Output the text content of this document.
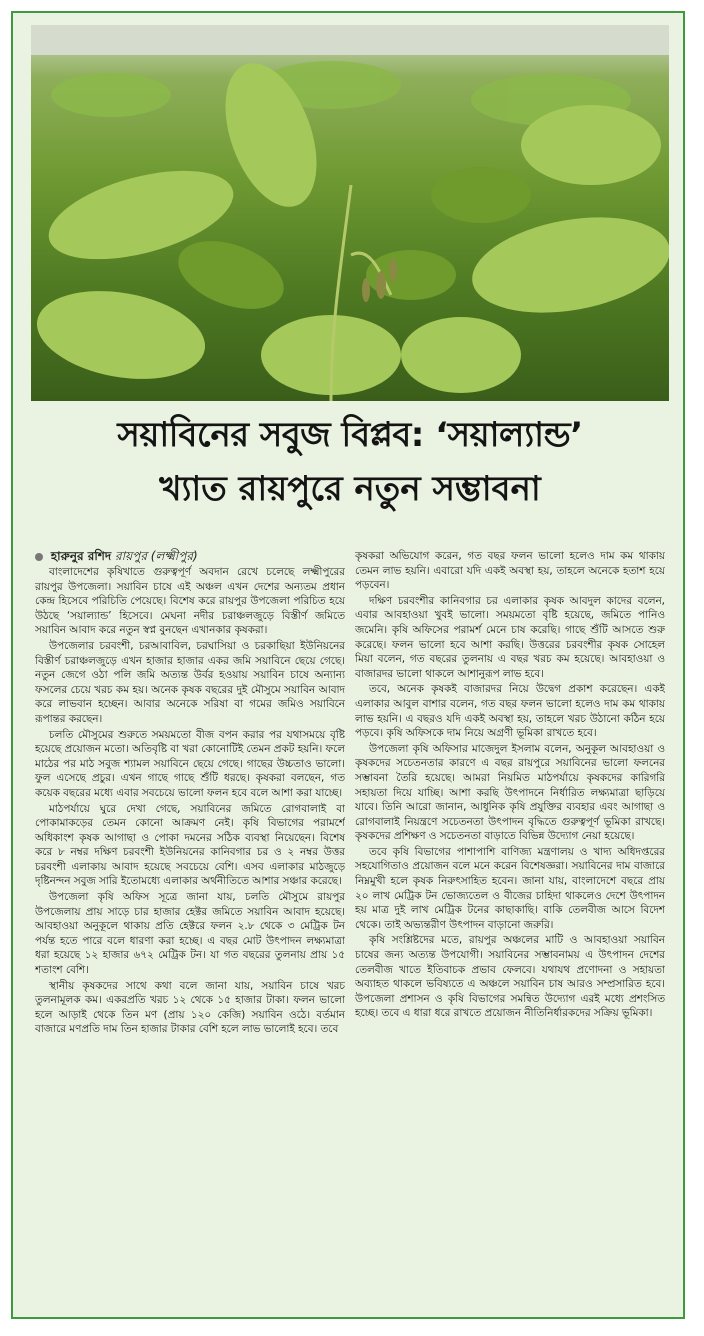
সয়াবিনের সবুজ বিপ্লব: ‘সয়াল্যান্ড’
খ্যাত রায়পুরে নতুন সম্ভাবনা
হারুনুর রশিদ রায়পুর (লক্ষ্মীপুর)

বাংলাদেশের কৃষিখাতে গুরুত্বপূর্ণ অবদান রেখে চলেছে লক্ষ্মীপুরের রায়পুর উপজেলা। সয়াবিন চাষে এই অঞ্চল এখন দেশের অন্যতম প্রধান কেন্দ্র হিসেবে পরিচিতি পেয়েছে। বিশেষ করে রায়পুর উপজেলা পরিচিত হয়ে উঠছে ‘সয়াল্যান্ড’ হিসেবে। মেঘনা নদীর চরাঞ্চলজুড়ে বিস্তীর্ণ জমিতে সয়াবিন আবাদ করে নতুন স্বপ্ন বুনছেন এখানকার কৃষকরা।

উপজেলার চরবংশী, চরআবাবিল, চরঘাসিয়া ও চরকাছিয়া ইউনিয়নের বিস্তীর্ণ চরাঞ্চলজুড়ে এখন হাজার হাজার একর জমি সয়াবিনে ছেয়ে গেছে। নতুন জেগে ওঠা পলি জমি অত্যন্ত উর্বর হওয়ায় সয়াবিন চাষে অন্যান্য ফসলের চেয়ে খরচ কম হয়। অনেক কৃষক বছরের দুই মৌসুমে সয়াবিন আবাদ করে লাভবান হচ্ছেন। আবার অনেকে সরিষা বা গমের জমিও সয়াবিনে রূপান্তর করছেন।

চলতি মৌসুমের শুরুতে সময়মতো বীজ বপন করার পর যথাসময়ে বৃষ্টি হয়েছে প্রয়োজন মতো। অতিবৃষ্টি বা খরা কোনোটিই তেমন প্রকট হয়নি। ফলে মাঠের পর মাঠ সবুজ শ্যামল সয়াবিনে ছেয়ে গেছে। গাছের উচ্চতাও ভালো। ফুল এসেছে প্রচুর। এখন গাছে গাছে শুঁটি ধরছে। কৃষকরা বলছেন, গত কয়েক বছরের মধ্যে এবার সবচেয়ে ভালো ফলন হবে বলে আশা করা যাচ্ছে।

মাঠপর্যায়ে ঘুরে দেখা গেছে, সয়াবিনের জমিতে রোগবালাই বা পোকামাকড়ের তেমন কোনো আক্রমণ নেই। কৃষি বিভাগের পরামর্শে অধিকাংশ কৃষক আগাছা ও পোকা দমনের সঠিক ব্যবস্থা নিয়েছেন। বিশেষ করে ৮ নম্বর দক্ষিণ চরবংশী ইউনিয়নের কানিবগার চর ও ২ নম্বর উত্তর চরবংশী এলাকায় আবাদ হয়েছে সবচেয়ে বেশি। এসব এলাকার মাঠজুড়ে দৃষ্টিনন্দন সবুজ সারি ইতোমধ্যে এলাকার অর্থনীতিতে আশার সঞ্চার করেছে।

উপজেলা কৃষি অফিস সূত্রে জানা যায়, চলতি মৌসুমে রায়পুর উপজেলায় প্রায় সাড়ে চার হাজার হেক্টর জমিতে সয়াবিন আবাদ হয়েছে। আবহাওয়া অনুকূলে থাকায় প্রতি হেক্টরে ফলন ২.৮ থেকে ৩ মেট্রিক টন পর্যন্ত হতে পারে বলে ধারণা করা হচ্ছে। এ বছর মোট উৎপাদন লক্ষ্যমাত্রা ধরা হয়েছে ১২ হাজার ৬৭২ মেট্রিক টন। যা গত বছরের তুলনায় প্রায় ১৫ শতাংশ বেশি।

স্থানীয় কৃষকদের সাথে কথা বলে জানা যায়, সয়াবিন চাষে খরচ তুলনামূলক কম। একরপ্রতি খরচ ১২ থেকে ১৫ হাজার টাকা। ফলন ভালো হলে আড়াই থেকে তিন মণ (প্রায় ১২০ কেজি) সয়াবিন ওঠে। বর্তমান বাজারে মণপ্রতি দাম তিন হাজার টাকার বেশি হলে লাভ ভালোই হবে। তবে

কৃষকরা অভিযোগ করেন, গত বছর ফলন ভালো হলেও দাম কম থাকায় তেমন লাভ হয়নি। এবারো যদি একই অবস্থা হয়, তাহলে অনেকে হতাশ হয়ে পড়বেন।

দক্ষিণ চরবংশীর কানিবগার চর এলাকার কৃষক আবদুল কাদের বলেন, এবার আবহাওয়া খুবই ভালো। সময়মতো বৃষ্টি হয়েছে, জমিতে পানিও জমেনি। কৃষি অফিসের পরামর্শ মেনে চাষ করেছি। গাছে শুঁটি আসতে শুরু করেছে। ফলন ভালো হবে আশা করছি। উত্তরের চরবংশীর কৃষক সোহেল মিয়া বলেন, গত বছরের তুলনায় এ বছর খরচ কম হয়েছে। আবহাওয়া ও বাজারদর ভালো থাকলে আশানুরূপ লাভ হবে।

তবে, অনেক কৃষকই বাজারদর নিয়ে উদ্বেগ প্রকাশ করেছেন। একই এলাকার আবুল বাশার বলেন, গত বছর ফলন ভালো হলেও দাম কম থাকায় লাভ হয়নি। এ বছরও যদি একই অবস্থা হয়, তাহলে খরচ উঠানো কঠিন হয়ে পড়বে। কৃষি অফিসকে দাম নিয়ে অগ্রণী ভূমিকা রাখতে হবে।

উপজেলা কৃষি অফিসার মাজেদুল ইসলাম বলেন, অনুকূল আবহাওয়া ও কৃষকদের সচেতনতার কারণে এ বছর রায়পুরে সয়াবিনের ভালো ফলনের সম্ভাবনা তৈরি হয়েছে। আমরা নিয়মিত মাঠপর্যায়ে কৃষকদের কারিগরি সহায়তা দিয়ে যাচ্ছি। আশা করছি উৎপাদনে নির্ধারিত লক্ষ্যমাত্রা ছাড়িয়ে যাবে। তিনি আরো জানান, আধুনিক কৃষি প্রযুক্তির ব্যবহার এবং আগাছা ও রোগবালাই নিয়ন্ত্রণে সচেতনতা উৎপাদন বৃদ্ধিতে গুরুত্বপূর্ণ ভূমিকা রাখছে। কৃষকদের প্রশিক্ষণ ও সচেতনতা বাড়াতে বিভিন্ন উদ্যোগ নেয়া হয়েছে।

তবে কৃষি বিভাগের পাশাপাশি বাণিজ্য মন্ত্রণালয় ও খাদ্য অধিদপ্তরের সহযোগিতাও প্রয়োজন বলে মনে করেন বিশেষজ্ঞরা। সয়াবিনের দাম বাজারে নিম্নমুখী হলে কৃষক নিরুৎসাহিত হবেন। জানা যায়, বাংলাদেশে বছরে প্রায় ২০ লাখ মেট্রিক টন ভোজ্যতেল ও বীজের চাহিদা থাকলেও দেশে উৎপাদন হয় মাত্র দুই লাখ মেট্রিক টনের কাছাকাছি। বাকি তেলবীজ আসে বিদেশ থেকে। তাই অভ্যন্তরীণ উৎপাদন বাড়ানো জরুরি।

কৃষি সংশ্লিষ্টদের মতে, রায়পুর অঞ্চলের মাটি ও আবহাওয়া সয়াবিন চাষের জন্য অত্যন্ত উপযোগী। সয়াবিনের সম্ভাবনাময় এ উৎপাদন দেশের তেলবীজ খাতে ইতিবাচক প্রভাব ফেলবে। যথাযথ প্রণোদনা ও সহায়তা অব্যাহত থাকলে ভবিষ্যতে এ অঞ্চলে সয়াবিন চাষ আরও সম্প্রসারিত হবে। উপজেলা প্রশাসন ও কৃষি বিভাগের সমন্বিত উদ্যোগ এরই মধ্যে প্রশংসিত হচ্ছে। তবে এ ধারা ধরে রাখতে প্রয়োজন নীতিনির্ধারকদের সক্রিয় ভূমিকা।
